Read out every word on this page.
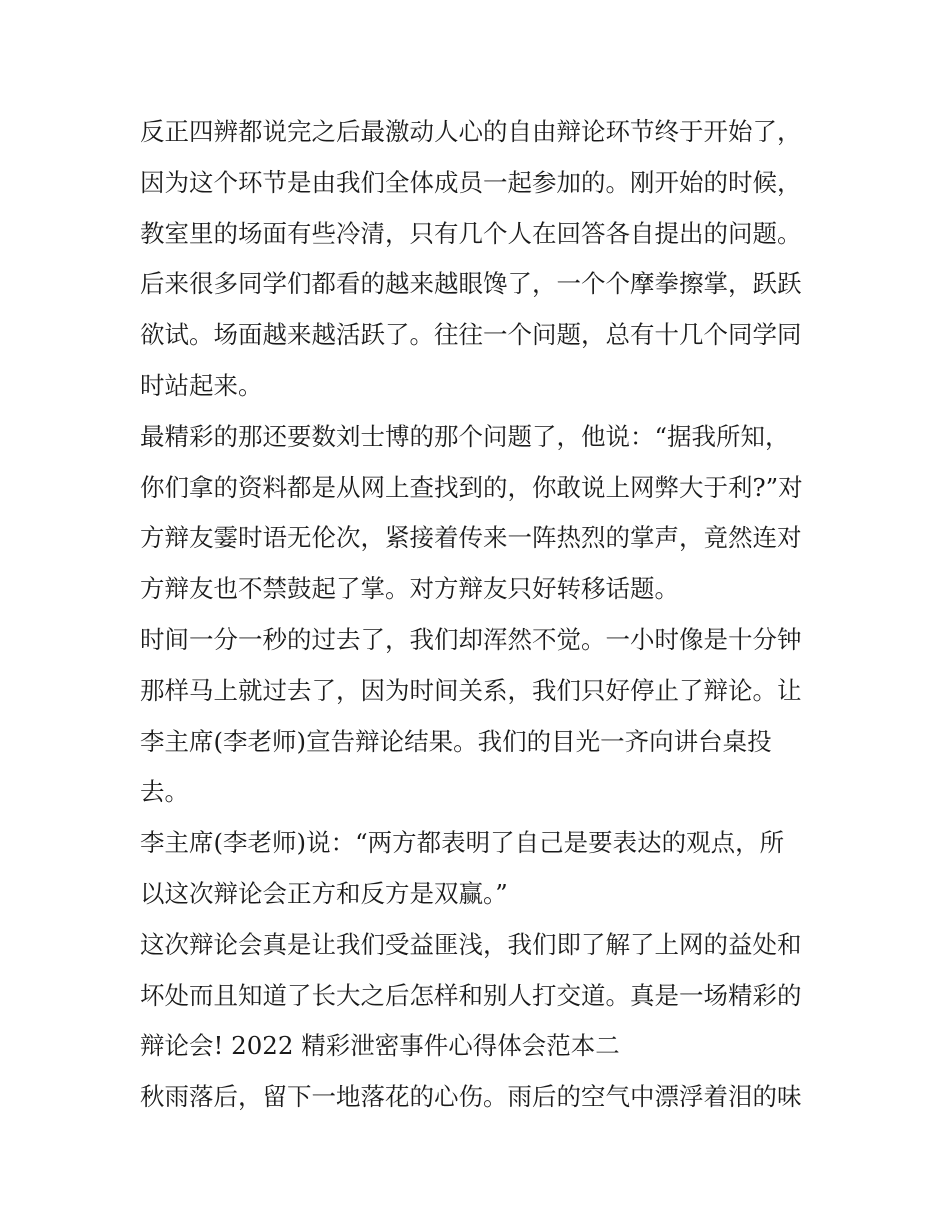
反正四辨都说完之后最激动人心的自由辩论环节终于开始了，
因为这个环节是由我们全体成员一起参加的。刚开始的时候，
教室里的场面有些冷清，只有几个人在回答各自提出的问题。
后来很多同学们都看的越来越眼馋了，一个个摩拳擦掌，跃跃
欲试。场面越来越活跃了。往往一个问题，总有十几个同学同
时站起来。
最精彩的那还要数刘士博的那个问题了，他说：“据我所知，
你们拿的资料都是从网上查找到的，你敢说上网弊大于利?”对
方辩友霎时语无伦次，紧接着传来一阵热烈的掌声，竟然连对
方辩友也不禁鼓起了掌。对方辩友只好转移话题。
时间一分一秒的过去了，我们却浑然不觉。一小时像是十分钟
那样马上就过去了，因为时间关系，我们只好停止了辩论。让
李主席(李老师)宣告辩论结果。我们的目光一齐向讲台桌投
去。
李主席(李老师)说：“两方都表明了自己是要表达的观点，所
以这次辩论会正方和反方是双赢。”
这次辩论会真是让我们受益匪浅，我们即了解了上网的益处和
坏处而且知道了长大之后怎样和别人打交道。真是一场精彩的
辩论会! 2022 精彩泄密事件心得体会范本二
秋雨落后，留下一地落花的心伤。雨后的空气中漂浮着泪的味
